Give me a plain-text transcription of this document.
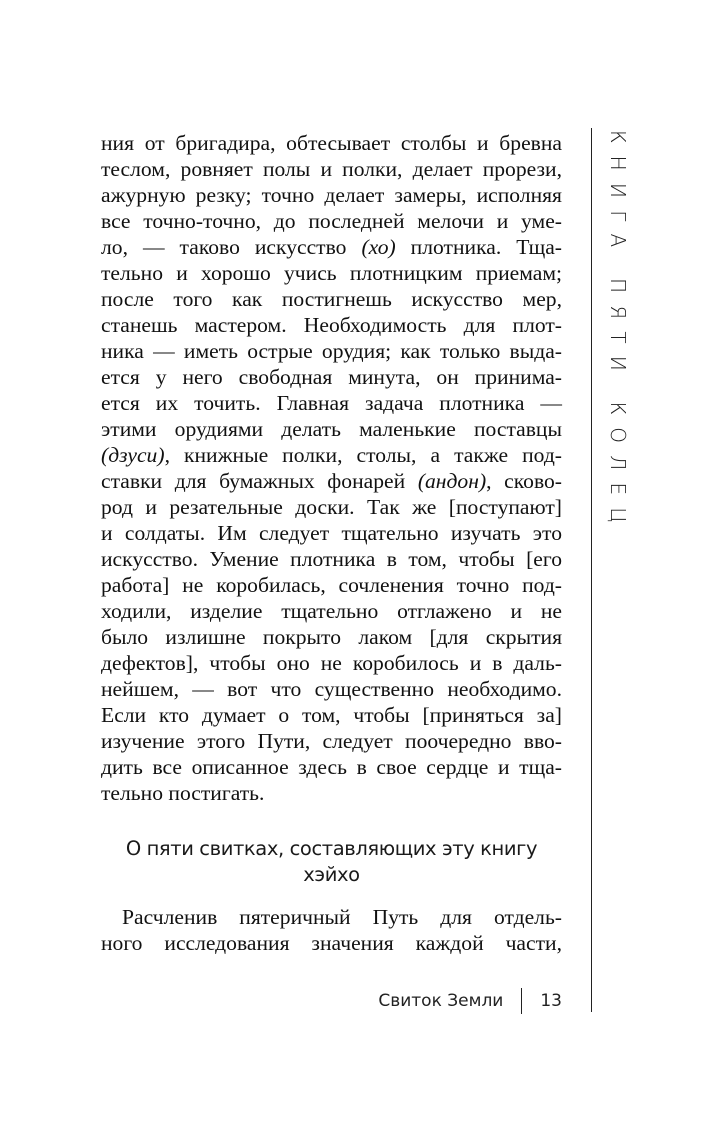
ния от бригадира, обтесывает столбы и бревна
теслом, ровняет полы и полки, делает прорези,
ажурную резку; точно делает замеры, исполняя
все точно-точно, до последней мелочи и уме-
ло, — таково искусство (хо) плотника. Тща-
тельно и хорошо учись плотницким приемам;
после того как постигнешь искусство мер,
станешь мастером. Необходимость для плот-
ника — иметь острые орудия; как только выда-
ется у него свободная минута, он принима-
ется их точить. Главная задача плотника —
этими орудиями делать маленькие поставцы
(дзуси), книжные полки, столы, а также под-
ставки для бумажных фонарей (андон), сково-
род и резательные доски. Так же [поступают]
и солдаты. Им следует тщательно изучать это
искусство. Умение плотника в том, чтобы [его
работа] не коробилась, сочленения точно под-
ходили, изделие тщательно отглажено и не
было излишне покрыто лаком [для скрытия
дефектов], чтобы оно не коробилось и в даль-
нейшем, — вот что существенно необходимо.
Если кто думает о том, чтобы [приняться за]
изучение этого Пути, следует поочередно вво-
дить все описанное здесь в свое сердце и тща-
тельно постигать.
О пяти свитках, составляющих эту книгу
хэйхо
Расчленив пятеричный Путь для отдель-
ного исследования значения каждой части,
Свиток Земли 13
КНИГА ПЯТИ КОЛЕЦ
